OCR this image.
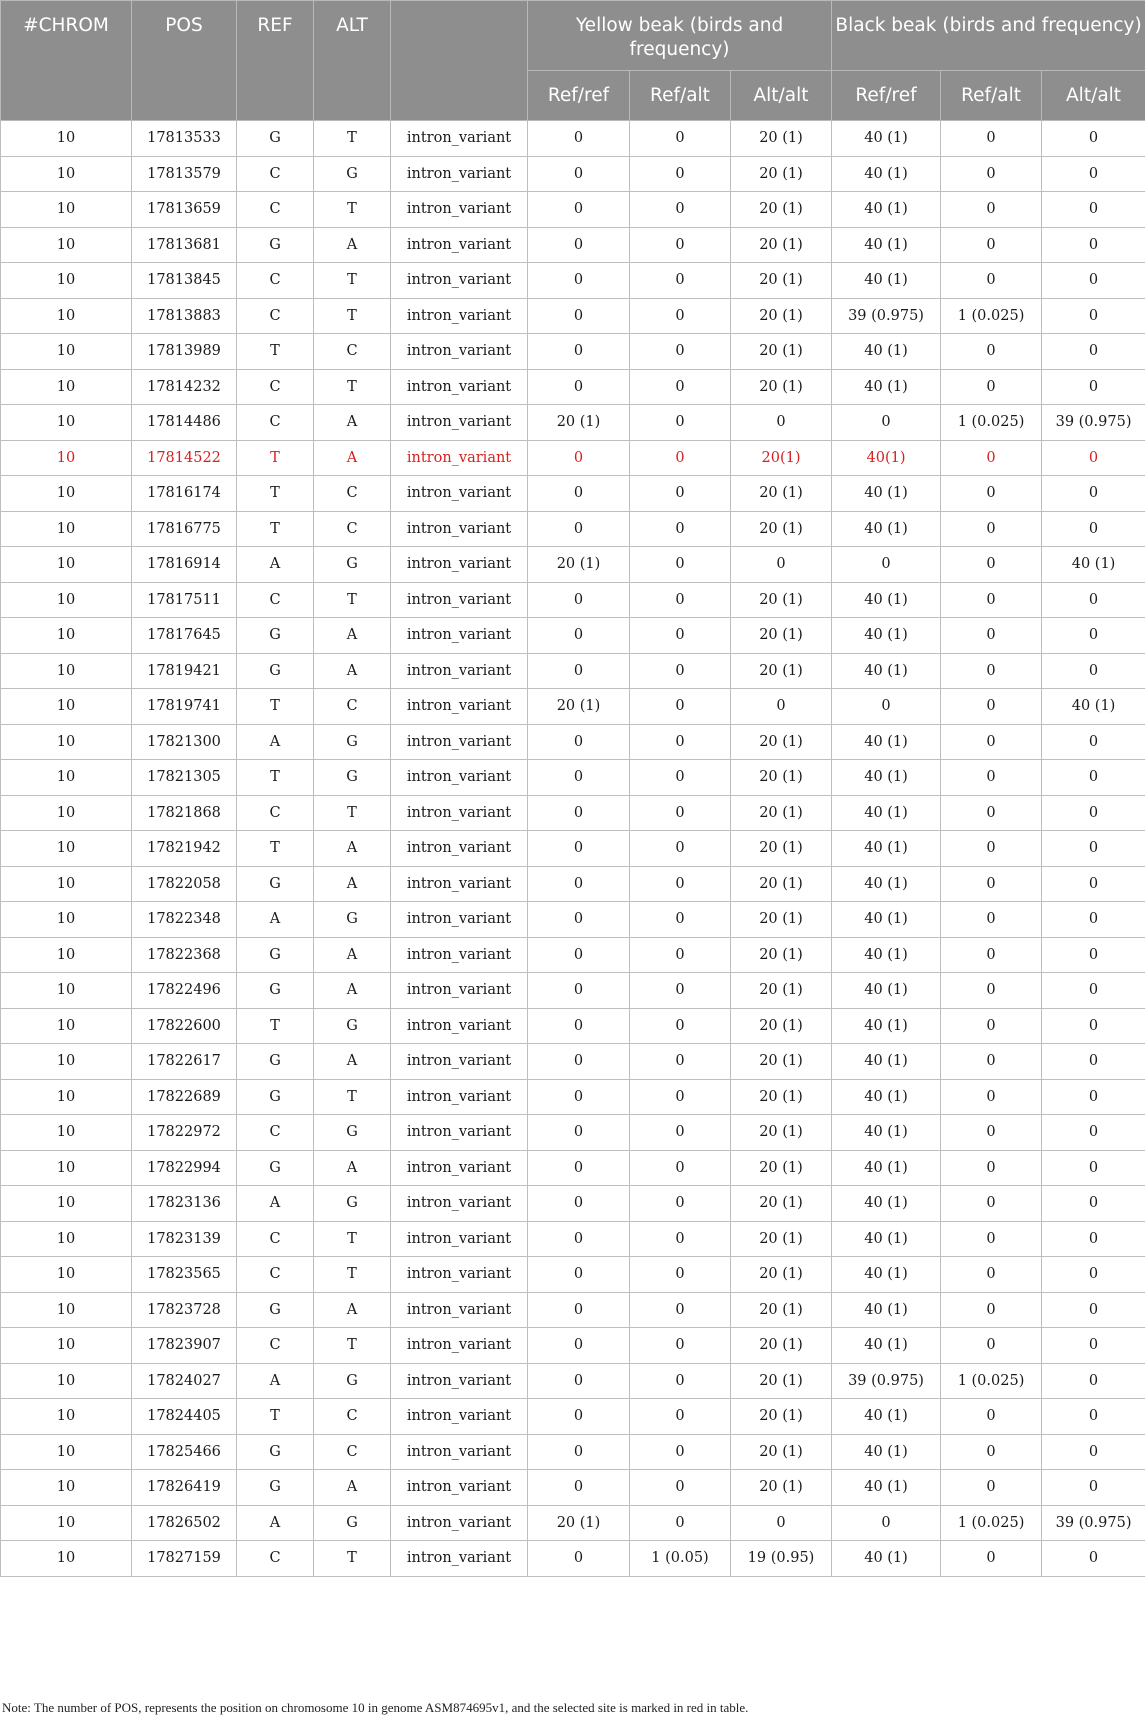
#CHROM	POS	REF	ALT		Yellow beak (birds and frequency)			Black beak (birds and frequency)		
					Ref/ref	Ref/alt	Alt/alt	Ref/ref	Ref/alt	Alt/alt
10	17813533	G	T	intron_variant	0	0	20 (1)	40 (1)	0	0
10	17813579	C	G	intron_variant	0	0	20 (1)	40 (1)	0	0
10	17813659	C	T	intron_variant	0	0	20 (1)	40 (1)	0	0
10	17813681	G	A	intron_variant	0	0	20 (1)	40 (1)	0	0
10	17813845	C	T	intron_variant	0	0	20 (1)	40 (1)	0	0
10	17813883	C	T	intron_variant	0	0	20 (1)	39 (0.975)	1 (0.025)	0
10	17813989	T	C	intron_variant	0	0	20 (1)	40 (1)	0	0
10	17814232	C	T	intron_variant	0	0	20 (1)	40 (1)	0	0
10	17814486	C	A	intron_variant	20 (1)	0	0	0	1 (0.025)	39 (0.975)
10	17814522	T	A	intron_variant	0	0	20(1)	40(1)	0	0
10	17816174	T	C	intron_variant	0	0	20 (1)	40 (1)	0	0
10	17816775	T	C	intron_variant	0	0	20 (1)	40 (1)	0	0
10	17816914	A	G	intron_variant	20 (1)	0	0	0	0	40 (1)
10	17817511	C	T	intron_variant	0	0	20 (1)	40 (1)	0	0
10	17817645	G	A	intron_variant	0	0	20 (1)	40 (1)	0	0
10	17819421	G	A	intron_variant	0	0	20 (1)	40 (1)	0	0
10	17819741	T	C	intron_variant	20 (1)	0	0	0	0	40 (1)
10	17821300	A	G	intron_variant	0	0	20 (1)	40 (1)	0	0
10	17821305	T	G	intron_variant	0	0	20 (1)	40 (1)	0	0
10	17821868	C	T	intron_variant	0	0	20 (1)	40 (1)	0	0
10	17821942	T	A	intron_variant	0	0	20 (1)	40 (1)	0	0
10	17822058	G	A	intron_variant	0	0	20 (1)	40 (1)	0	0
10	17822348	A	G	intron_variant	0	0	20 (1)	40 (1)	0	0
10	17822368	G	A	intron_variant	0	0	20 (1)	40 (1)	0	0
10	17822496	G	A	intron_variant	0	0	20 (1)	40 (1)	0	0
10	17822600	T	G	intron_variant	0	0	20 (1)	40 (1)	0	0
10	17822617	G	A	intron_variant	0	0	20 (1)	40 (1)	0	0
10	17822689	G	T	intron_variant	0	0	20 (1)	40 (1)	0	0
10	17822972	C	G	intron_variant	0	0	20 (1)	40 (1)	0	0
10	17822994	G	A	intron_variant	0	0	20 (1)	40 (1)	0	0
10	17823136	A	G	intron_variant	0	0	20 (1)	40 (1)	0	0
10	17823139	C	T	intron_variant	0	0	20 (1)	40 (1)	0	0
10	17823565	C	T	intron_variant	0	0	20 (1)	40 (1)	0	0
10	17823728	G	A	intron_variant	0	0	20 (1)	40 (1)	0	0
10	17823907	C	T	intron_variant	0	0	20 (1)	40 (1)	0	0
10	17824027	A	G	intron_variant	0	0	20 (1)	39 (0.975)	1 (0.025)	0
10	17824405	T	C	intron_variant	0	0	20 (1)	40 (1)	0	0
10	17825466	G	C	intron_variant	0	0	20 (1)	40 (1)	0	0
10	17826419	G	A	intron_variant	0	0	20 (1)	40 (1)	0	0
10	17826502	A	G	intron_variant	20 (1)	0	0	0	1 (0.025)	39 (0.975)
10	17827159	C	T	intron_variant	0	1 (0.05)	19 (0.95)	40 (1)	0	0
Note: The number of POS, represents the position on chromosome 10 in genome ASM874695v1, and the selected site is marked in red in table.
